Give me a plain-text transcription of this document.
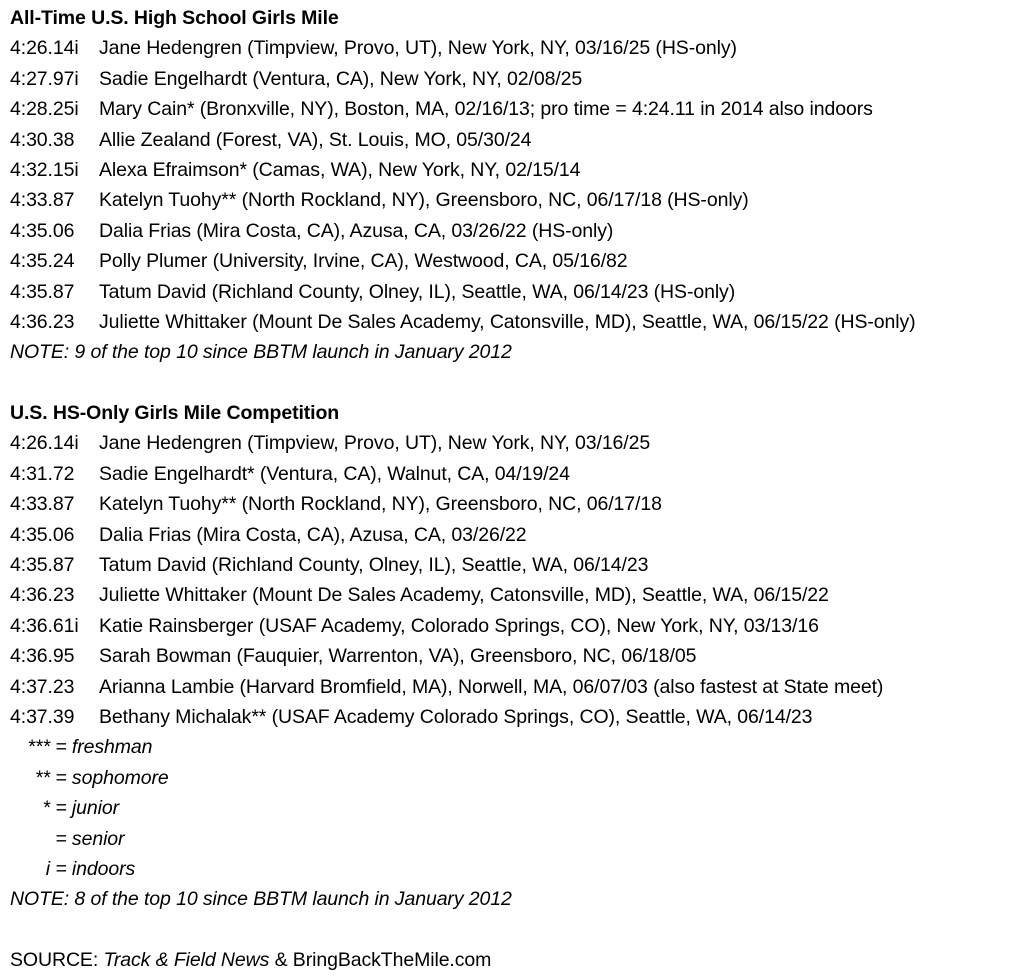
All-Time U.S. High School Girls Mile
4:26.14i Jane Hedengren (Timpview, Provo, UT), New York, NY, 03/16/25 (HS-only)
4:27.97i Sadie Engelhardt (Ventura, CA), New York, NY, 02/08/25
4:28.25i Mary Cain* (Bronxville, NY), Boston, MA, 02/16/13; pro time = 4:24.11 in 2014 also indoors
4:30.38 Allie Zealand (Forest, VA), St. Louis, MO, 05/30/24
4:32.15i Alexa Efraimson* (Camas, WA), New York, NY, 02/15/14
4:33.87 Katelyn Tuohy** (North Rockland, NY), Greensboro, NC, 06/17/18 (HS-only)
4:35.06 Dalia Frias (Mira Costa, CA), Azusa, CA, 03/26/22 (HS-only)
4:35.24 Polly Plumer (University, Irvine, CA), Westwood, CA, 05/16/82
4:35.87 Tatum David (Richland County, Olney, IL), Seattle, WA, 06/14/23 (HS-only)
4:36.23 Juliette Whittaker (Mount De Sales Academy, Catonsville, MD), Seattle, WA, 06/15/22 (HS-only)
NOTE: 9 of the top 10 since BBTM launch in January 2012
U.S. HS-Only Girls Mile Competition
4:26.14i Jane Hedengren (Timpview, Provo, UT), New York, NY, 03/16/25
4:31.72 Sadie Engelhardt* (Ventura, CA), Walnut, CA, 04/19/24
4:33.87 Katelyn Tuohy** (North Rockland, NY), Greensboro, NC, 06/17/18
4:35.06 Dalia Frias (Mira Costa, CA), Azusa, CA, 03/26/22
4:35.87 Tatum David (Richland County, Olney, IL), Seattle, WA, 06/14/23
4:36.23 Juliette Whittaker (Mount De Sales Academy, Catonsville, MD), Seattle, WA, 06/15/22
4:36.61i Katie Rainsberger (USAF Academy, Colorado Springs, CO), New York, NY, 03/13/16
4:36.95 Sarah Bowman (Fauquier, Warrenton, VA), Greensboro, NC, 06/18/05
4:37.23 Arianna Lambie (Harvard Bromfield, MA), Norwell, MA, 06/07/03 (also fastest at State meet)
4:37.39 Bethany Michalak** (USAF Academy Colorado Springs, CO), Seattle, WA, 06/14/23
*** = freshman
** = sophomore
* = junior
= senior
i = indoors
NOTE: 8 of the top 10 since BBTM launch in January 2012
SOURCE: Track & Field News & BringBackTheMile.com
